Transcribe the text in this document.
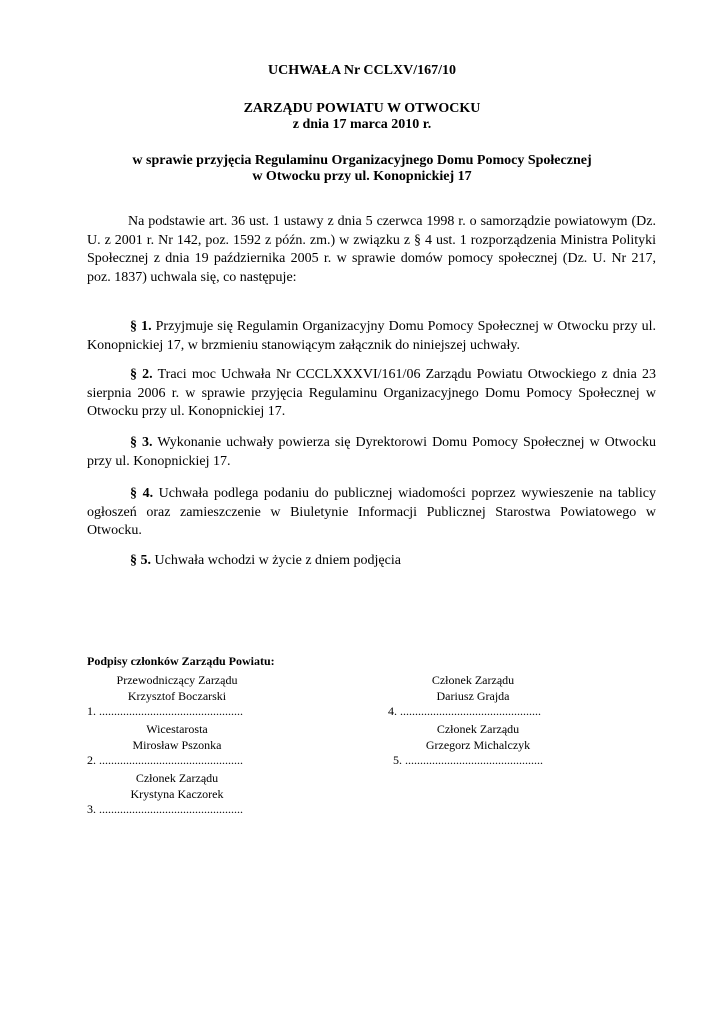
UCHWAŁA Nr CCLXV/167/10
ZARZĄDU POWIATU W OTWOCKU
z dnia 17 marca 2010 r.
w sprawie przyjęcia Regulaminu Organizacyjnego Domu Pomocy Społecznej
w Otwocku przy ul. Konopnickiej 17
Na podstawie art. 36 ust. 1 ustawy z dnia 5 czerwca 1998 r. o samorządzie powiatowym (Dz. U. z 2001 r. Nr 142, poz. 1592 z późn. zm.) w związku z § 4 ust. 1 rozporządzenia Ministra Polityki Społecznej z dnia 19 października 2005 r. w sprawie domów pomocy społecznej (Dz. U. Nr 217, poz. 1837) uchwala się, co następuje:
§ 1. Przyjmuje się Regulamin Organizacyjny Domu Pomocy Społecznej w Otwocku przy ul. Konopnickiej 17, w brzmieniu stanowiącym załącznik do niniejszej uchwały.
§ 2. Traci moc Uchwała Nr CCCLXXXVI/161/06 Zarządu Powiatu Otwockiego z dnia 23 sierpnia 2006 r. w sprawie przyjęcia Regulaminu Organizacyjnego Domu Pomocy Społecznej w Otwocku przy ul. Konopnickiej 17.
§ 3. Wykonanie uchwały powierza się Dyrektorowi Domu Pomocy Społecznej w Otwocku przy ul. Konopnickiej 17.
§ 4. Uchwała podlega podaniu do publicznej wiadomości poprzez wywieszenie na tablicy ogłoszeń oraz zamieszczenie w Biuletynie Informacji Publicznej Starostwa Powiatowego w Otwocku.
§ 5. Uchwała wchodzi w życie z dniem podjęcia
Podpisy członków Zarządu Powiatu:
Przewodniczący Zarządu
Krzysztof Boczarski
1. ................................................
Wicestarosta
Mirosław Pszonka
2. ................................................
Członek Zarządu
Krystyna Kaczorek
3. ................................................
Członek Zarządu
Dariusz Grajda
4. ...............................................
Członek Zarządu
Grzegorz Michalczyk
5. ..............................................
